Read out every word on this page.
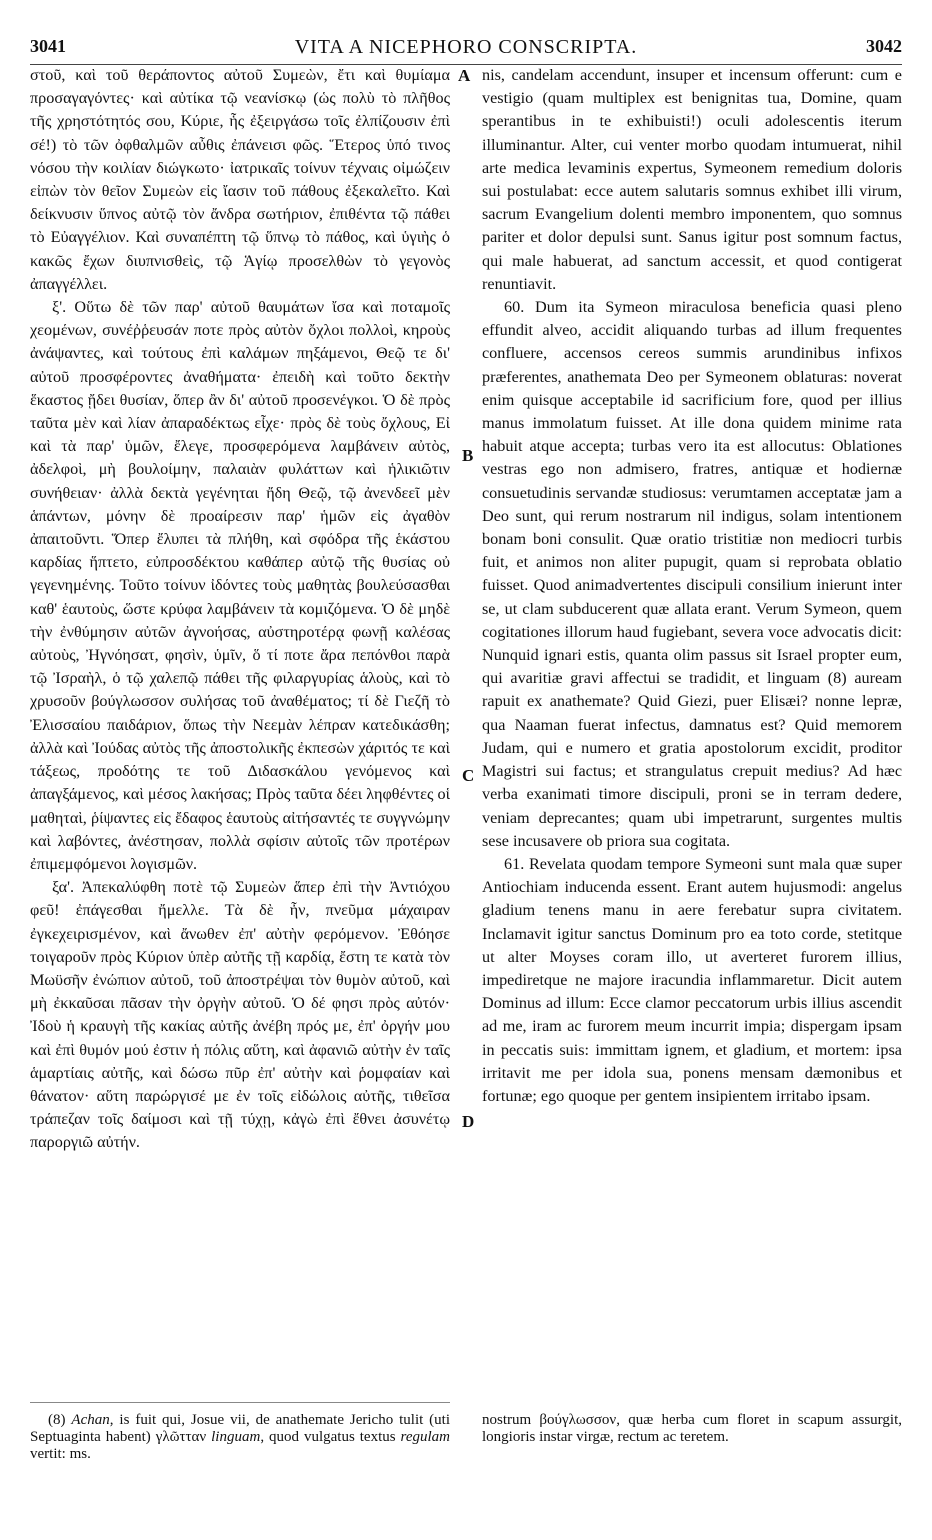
3041	VITA A NICEPHORO CONSCRIPTA.	3042

στοῦ, καὶ τοῦ θεράποντος αὐτοῦ Συμεὼν, ἔτι καὶ θυμίαμα προσαγαγόντες· καὶ αὐτίκα τῷ νεανίσκῳ (ὡς πολὺ τὸ πλῆθος τῆς χρηστότητός σου, Κύριε, ἧς ἐξειργάσω τοῖς ἐλπίζουσιν ἐπὶ σέ!) τὸ τῶν ὀφθαλμῶν αὖθις ἐπάνεισι φῶς. Ἕτερος ὑπό τινος νόσου τὴν κοιλίαν διώγκωτο· ἰατρικαῖς τοίνυν τέχναις οἰμώζειν εἰπὼν τὸν θεῖον Συμεὼν εἰς ἴασιν τοῦ πάθους ἐξεκαλεῖτο. Καὶ δείκνυσιν ὕπνος αὐτῷ τὸν ἄνδρα σωτήριον, ἐπιθέντα τῷ πάθει τὸ Εὐαγγέλιον. Καὶ συναπέπτη τῷ ὕπνῳ τὸ πάθος, καὶ ὑγιὴς ὁ κακῶς ἔχων διυπνισθεὶς, τῷ Ἁγίῳ προσελθὼν τὸ γεγονὸς ἀπαγγέλλει.

ξ'. Οὕτω δὲ τῶν παρ' αὐτοῦ θαυμάτων ἴσα καὶ ποταμοῖς χεομένων, συνέῤῥευσάν ποτε πρὸς αὐτὸν ὄχλοι πολλοὶ, κηροὺς ἀνάψαντες, καὶ τούτους ἐπὶ καλάμων πηξάμενοι, Θεῷ τε δι' αὐτοῦ προσφέροντες ἀναθήματα· ἐπειδὴ καὶ τοῦτο δεκτὴν ἕκαστος ᾔδει θυσίαν, ὅπερ ἂν δι' αὐτοῦ προσενέγκοι. Ὁ δὲ πρὸς ταῦτα μὲν καὶ λίαν ἀπαραδέκτως εἶχε· πρὸς δὲ τοὺς ὄχλους, Εἰ καὶ τὰ παρ' ὑμῶν, ἔλεγε, προσφερόμενα λαμβάνειν αὐτὸς, ἀδελφοὶ, μὴ βουλοίμην, παλαιὰν φυλάττων καὶ ἡλικιῶτιν συνήθειαν· ἀλλὰ δεκτὰ γεγένηται ἤδη Θεῷ, τῷ ἀνενδεεῖ μὲν ἁπάντων, μόνην δὲ προαίρεσιν παρ' ἡμῶν εἰς ἀγαθὸν ἀπαιτοῦντι. Ὅπερ ἔλυπει τὰ πλήθη, καὶ σφόδρα τῆς ἑκάστου καρδίας ἥπτετο, εὐπροσδέκτου καθάπερ αὐτῷ τῆς θυσίας οὐ γεγενημένης. Τοῦτο τοίνυν ἰδόντες τοὺς μαθητὰς βουλεύσασθαι καθ' ἑαυτοὺς, ὥστε κρύφα λαμβάνειν τὰ κομιζόμενα. Ὁ δὲ μηδὲ τὴν ἐνθύμησιν αὐτῶν ἀγνοήσας, αὐστηροτέρᾳ φωνῇ καλέσας αὐτοὺς, Ἠγνόησατ, φησὶν, ὑμῖν, ὅ τί ποτε ἄρα πεπόνθοι παρὰ τῷ Ἰσραὴλ, ὁ τῷ χαλεπῷ πάθει τῆς φιλαργυρίας ἁλοὺς, καὶ τὸ χρυσοῦν βούγλωσσον συλήσας τοῦ ἀναθέματος; τί δὲ Γιεζῆ τὸ Ἐλισσαίου παιδάριον, ὅπως τὴν Νεεμὰν λέπραν κατεδικάσθη; ἀλλὰ καὶ Ἰούδας αὐτὸς τῆς ἀποστολικῆς ἐκπεσὼν χάριτός τε καὶ τάξεως, προδότης τε τοῦ Διδασκάλου γενόμενος καὶ ἀπαγξάμενος, καὶ μέσος λακήσας; Πρὸς ταῦτα δέει ληφθέντες οἱ μαθηταὶ, ῥίψαντες εἰς ἔδαφος ἑαυτοὺς αἰτήσαντές τε συγγνώμην καὶ λαβόντες, ἀνέστησαν, πολλὰ σφίσιν αὐτοῖς τῶν προτέρων ἐπιμεμφόμενοι λογισμῶν.

ξα'. Ἀπεκαλύφθη ποτὲ τῷ Συμεὼν ἅπερ ἐπὶ τὴν Ἀντιόχου φεῦ! ἐπάγεσθαι ἤμελλε. Τὰ δὲ ἦν, πνεῦμα μάχαιραν ἐγκεχειρισμένον, καὶ ἄνωθεν ἐπ' αὐτὴν φερόμενον. Ἐθόησε τοιγαροῦν πρὸς Κύριον ὑπὲρ αὐτῆς τῇ καρδίᾳ, ἔστη τε κατὰ τὸν Μωϋσῆν ἐνώπιον αὐτοῦ, τοῦ ἀποστρέψαι τὸν θυμὸν αὐτοῦ, καὶ μὴ ἐκκαῦσαι πᾶσαν τὴν ὀργὴν αὐτοῦ. Ὁ δέ φησι πρὸς αὐτόν· Ἰδοὺ ἡ κραυγὴ τῆς κακίας αὐτῆς ἀνέβη πρός με, ἐπ' ὀργήν μου καὶ ἐπὶ θυμόν μού ἐστιν ἡ πόλις αὕτη, καὶ ἀφανιῶ αὐτὴν ἐν ταῖς ἁμαρτίαις αὐτῆς, καὶ δώσω πῦρ ἐπ' αὐτὴν καὶ ῥομφαίαν καὶ θάνατον· αὕτη παρώργισέ με ἐν τοῖς εἰδώλοις αὐτῆς, τιθεῖσα τράπεζαν τοῖς δαίμοσι καὶ τῇ τύχῃ, κἀγὼ ἐπὶ ἔθνει ἀσυνέτῳ παροργιῶ αὐτήν.

nis, candelam accendunt, insuper et incensum offerunt: cum e vestigio (quam multiplex est benignitas tua, Domine, quam sperantibus in te exhibuisti!) oculi adolescentis iterum illuminantur. Alter, cui venter morbo quodam intumuerat, nihil arte medica levaminis expertus, Symeonem remedium doloris sui postulabat: ecce autem salutaris somnus exhibet illi virum, sacrum Evangelium dolenti membro imponentem, quo somnus pariter et dolor depulsi sunt. Sanus igitur post somnum factus, qui male habuerat, ad sanctum accessit, et quod contigerat renuntiavit.

60. Dum ita Symeon miraculosa beneficia quasi pleno effundit alveo, accidit aliquando turbas ad illum frequentes confluere, accensos cereos summis arundinibus infixos præferentes, anathemata Deo per Symeonem oblaturas: noverat enim quisque acceptabile id sacrificium fore, quod per illius manus immolatum fuisset. At ille dona quidem minime rata habuit atque accepta; turbas vero ita est allocutus: Oblationes vestras ego non admisero, fratres, antiquæ et hodiernæ consuetudinis servandæ studiosus: verumtamen acceptatæ jam a Deo sunt, qui rerum nostrarum nil indigus, solam intentionem bonam boni consulit. Quæ oratio tristitiæ non mediocri turbis fuit, et animos non aliter pupugit, quam si reprobata oblatio fuisset. Quod animadvertentes discipuli consilium inierunt inter se, ut clam subducerent quæ allata erant. Verum Symeon, quem cogitationes illorum haud fugiebant, severa voce advocatis dicit: Nunquid ignari estis, quanta olim passus sit Israel propter eum, qui avaritiæ gravi affectui se tradidit, et linguam (8) auream rapuit ex anathemate? Quid Giezi, puer Elisæi? nonne lepræ, qua Naaman fuerat infectus, damnatus est? Quid memorem Judam, qui e numero et gratia apostolorum excidit, proditor Magistri sui factus; et strangulatus crepuit medius? Ad hæc verba exanimati timore discipuli, proni se in terram dedere, veniam deprecantes; quam ubi impetrarunt, surgentes multis sese incusavere ob priora sua cogitata.

61. Revelata quodam tempore Symeoni sunt mala quæ super Antiochiam inducenda essent. Erant autem hujusmodi: angelus gladium tenens manu in aere ferebatur supra civitatem. Inclamavit igitur sanctus Dominum pro ea toto corde, stetitque ut alter Moyses coram illo, ut averteret furorem illius, impediretque ne majore iracundia inflammaretur. Dicit autem Dominus ad illum: Ecce clamor peccatorum urbis illius ascendit ad me, iram ac furorem meum incurrit impia; dispergam ipsam in peccatis suis: immittam ignem, et gladium, et mortem: ipsa irritavit me per idola sua, ponens mensam dæmonibus et fortunæ; ego quoque per gentem insipientem irritabo ipsam.

A
B
C
D
(8) Achan, is fuit qui, Josue vii, de anathemate Jericho tulit (uti Septuaginta habent) γλῶτταν linguam, quod vulgatus textus regulam vertit: ms.
nostrum βούγλωσσον, quæ herba cum floret in scapum assurgit, longioris instar virgæ, rectum ac teretem.
